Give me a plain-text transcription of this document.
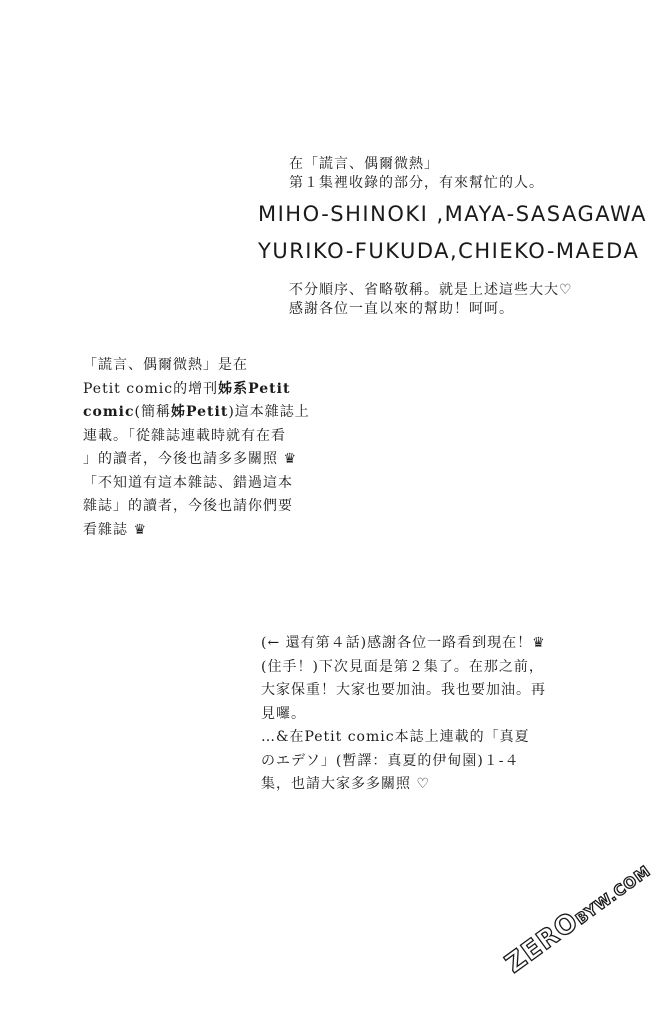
在「謊言、偶爾微熱」
第１集裡收錄的部分，有來幫忙的人。
MIHO-SHINOKI ,MAYA-SASAGAWA
YURIKO-FUKUDA,CHIEKO-MAEDA
不分順序、省略敬稱。就是上述這些大大♡
感謝各位一直以來的幫助！呵呵。
「謊言、偶爾微熱」是在
Petit comic的增刊姊系Petit
comic(簡稱姊Petit)這本雜誌上
連載。「從雜誌連載時就有在看
」的讀者，今後也請多多關照 ♛
「不知道有這本雜誌、錯過這本
雜誌」的讀者，今後也請你們要
看雜誌 ♛
(← 還有第４話)感謝各位一路看到現在！♛
(住手！)下次見面是第２集了。在那之前，
大家保重！大家也要加油。我也要加油。再
見囉。
…&在Petit comic本誌上連載的「真夏
のエデソ」(暫譯：真夏的伊甸園)１-４
集，也請大家多多關照 ♡
ZEROBYW.COM
